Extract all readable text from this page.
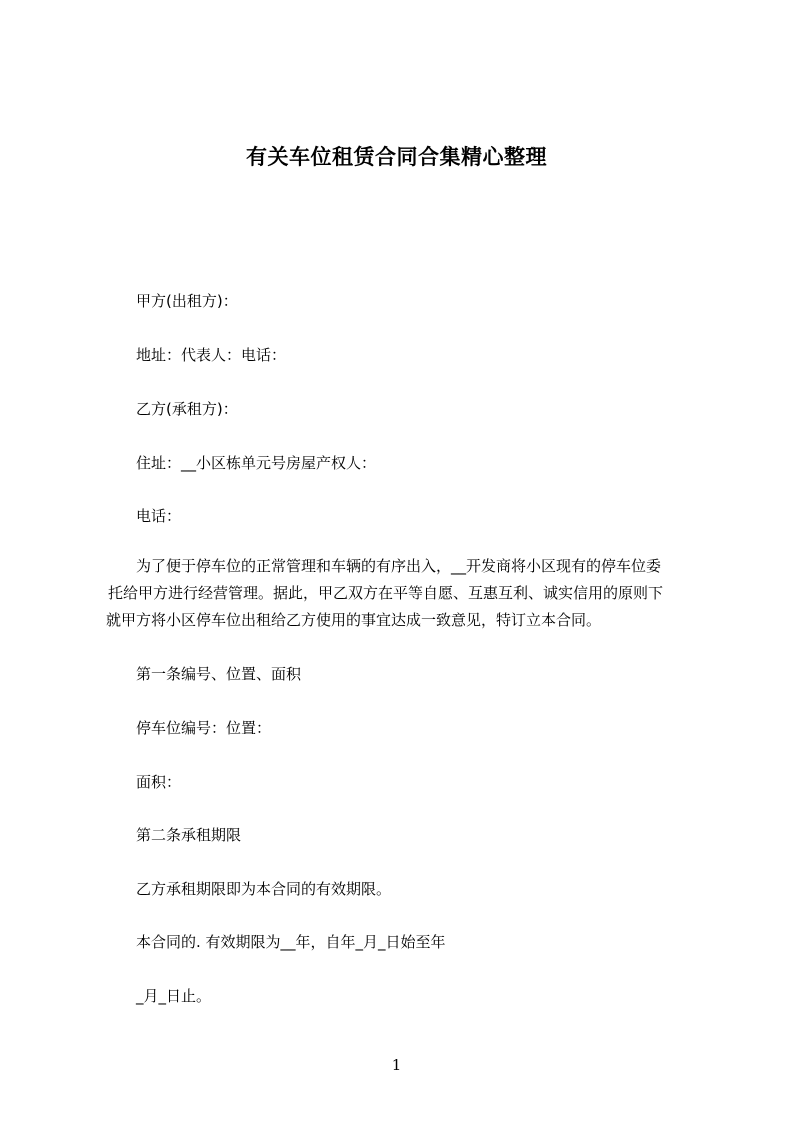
有关车位租赁合同合集精心整理
甲方(出租方)：
地址：代表人：电话：
乙方(承租方)：
住址：__小区栋单元号房屋产权人：
电话：
为了便于停车位的正常管理和车辆的有序出入，__开发商将小区现有的停车位委
托给甲方进行经营管理。据此，甲乙双方在平等自愿、互惠互利、诚实信用的原则下
就甲方将小区停车位出租给乙方使用的事宜达成一致意见，特订立本合同。
第一条编号、位置、面积
停车位编号：位置：
面积：
第二条承租期限
乙方承租期限即为本合同的有效期限。
本合同的. 有效期限为__年，自年_月_日始至年
_月_日止。
1
